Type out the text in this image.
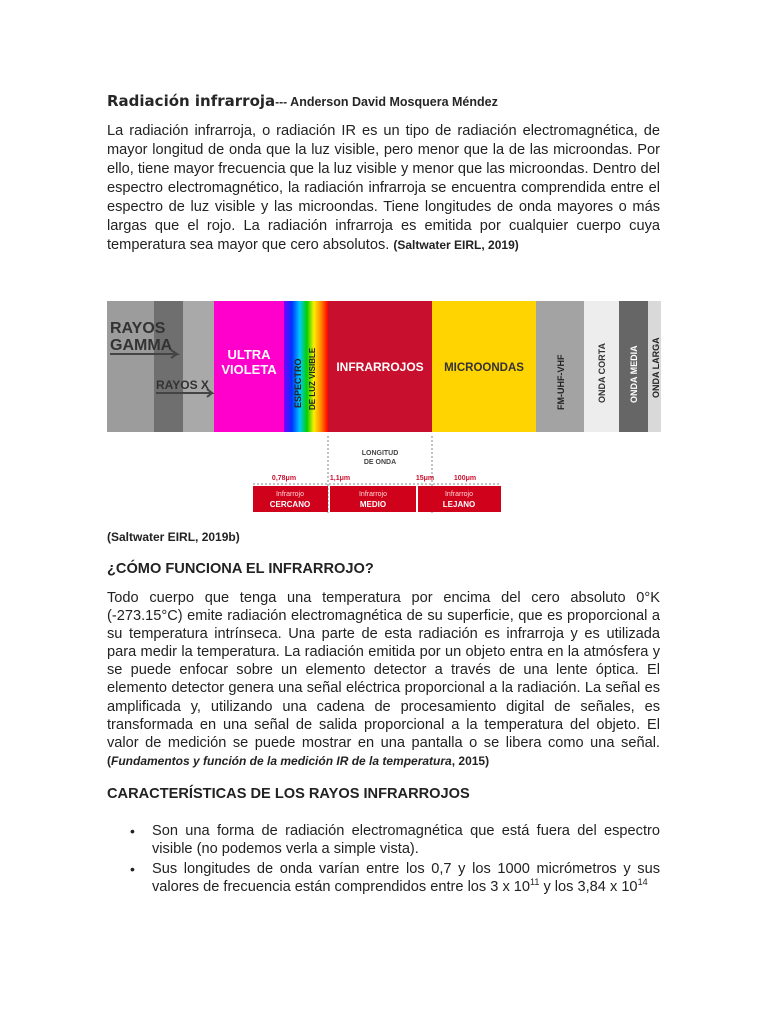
Radiación infrarroja--- Anderson David Mosquera Méndez
La radiación infrarroja, o radiación IR es un tipo de radiación electromagnética, de mayor longitud de onda que la luz visible, pero menor que la de las microondas. Por ello, tiene mayor frecuencia que la luz visible y menor que las microondas. Dentro del espectro electromagnético, la radiación infrarroja se encuentra comprendida entre el espectro de luz visible y las microondas. Tiene longitudes de onda mayores o más largas que el rojo. La radiación infrarroja es emitida por cualquier cuerpo cuya temperatura sea mayor que cero absolutos. (Saltwater EIRL, 2019)
RAYOS
GAMMA
RAYOS X
ULTRA
VIOLETA ESPECTRO DE LUZ VISIBLE INFRARROJOS MICROONDAS	FM-UHF-VHF	ONDA CORTA ONDA MEDIA ONDA LARGA
LONGITUD
DE ONDA
0,78μm	1,1μm	15μm	100μm
Infrarrojo
CERCANO
Infrarrojo
MEDIO
Infrarrojo
LEJANO
(Saltwater EIRL, 2019b)
¿CÓMO FUNCIONA EL INFRARROJO?
Todo cuerpo que tenga una temperatura por encima del cero absoluto 0°K (-273.15°C) emite radiación electromagnética de su superficie, que es proporcional a su temperatura intrínseca. Una parte de esta radiación es infrarroja y es utilizada para medir la temperatura. La radiación emitida por un objeto entra en la atmósfera y se puede enfocar sobre un elemento detector a través de una lente óptica. El elemento detector genera una señal eléctrica proporcional a la radiación. La señal es amplificada y, utilizando una cadena de procesamiento digital de señales, es transformada en una señal de salida proporcional a la temperatura del objeto. El valor de medición se puede mostrar en una pantalla o se libera como una señal. (Fundamentos y función de la medición IR de la temperatura, 2015)
CARACTERÍSTICAS DE LOS RAYOS INFRARROJOS
• Son una forma de radiación electromagnética que está fuera del espectro visible (no podemos verla a simple vista).
• Sus longitudes de onda varían entre los 0,7 y los 1000 micrómetros y sus valores de frecuencia están comprendidos entre los 3 x $10^{11}$ y los 3,84 x $10^{14}$
